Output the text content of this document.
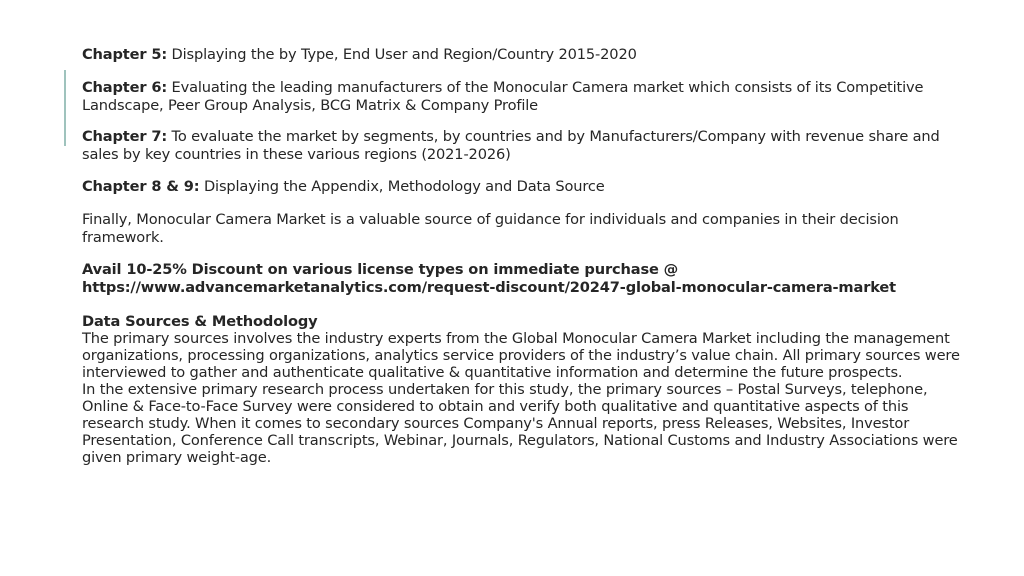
Chapter 5: Displaying the by Type, End User and Region/Country 2015-2020

Chapter 6: Evaluating the leading manufacturers of the Monocular Camera market which consists of its Competitive Landscape, Peer Group Analysis, BCG Matrix & Company Profile

Chapter 7: To evaluate the market by segments, by countries and by Manufacturers/Company with revenue share and sales by key countries in these various regions (2021-2026)

Chapter 8 & 9: Displaying the Appendix, Methodology and Data Source

Finally, Monocular Camera Market is a valuable source of guidance for individuals and companies in their decision framework.

Avail 10-25% Discount on various license types on immediate purchase @
https://www.advancemarketanalytics.com/request-discount/20247-global-monocular-camera-market

Data Sources & Methodology
The primary sources involves the industry experts from the Global Monocular Camera Market including the management organizations, processing organizations, analytics service providers of the industry’s value chain. All primary sources were interviewed to gather and authenticate qualitative & quantitative information and determine the future prospects.

In the extensive primary research process undertaken for this study, the primary sources – Postal Surveys, telephone, Online & Face-to-Face Survey were considered to obtain and verify both qualitative and quantitative aspects of this research study. When it comes to secondary sources Company's Annual reports, press Releases, Websites, Investor Presentation, Conference Call transcripts, Webinar, Journals, Regulators, National Customs and Industry Associations were given primary weight-age.
